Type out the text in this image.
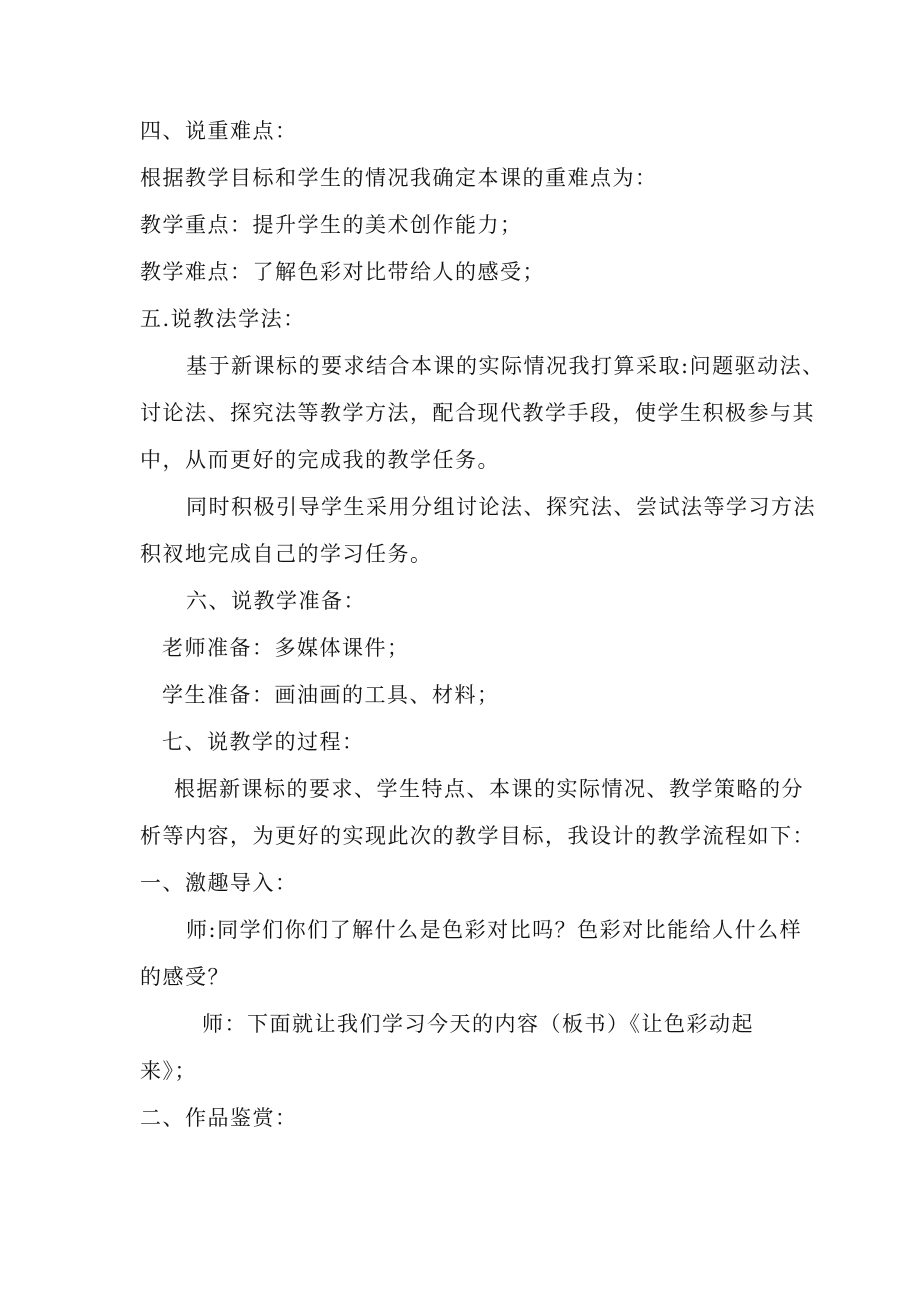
四、说重难点：
根据教学目标和学生的情况我确定本课的重难点为：
教学重点：提升学生的美术创作能力；
教学难点：了解色彩对比带给人的感受；
五.说教法学法：
基于新课标的要求结合本课的实际情况我打算采取:问题驱动法、
讨论法、探究法等教学方法，配合现代教学手段，使学生积极参与其
中，从而更好的完成我的教学任务。
同时积极引导学生采用分组讨论法、探究法、尝试法等学习方法
积衩地完成自己的学习任务。
六、说教学准备：
老师准备：多媒体课件；
学生准备：画油画的工具、材料；
七、说教学的过程：
根据新课标的要求、学生特点、本课的实际情况、教学策略的分
析等内容，为更好的实现此次的教学目标，我设计的教学流程如下：
一、激趣导入：
师:同学们你们了解什么是色彩对比吗？色彩对比能给人什么样
的感受？
师：下面就让我们学习今天的内容（板书）《让色彩动起
来》；
二、作品鉴赏：
